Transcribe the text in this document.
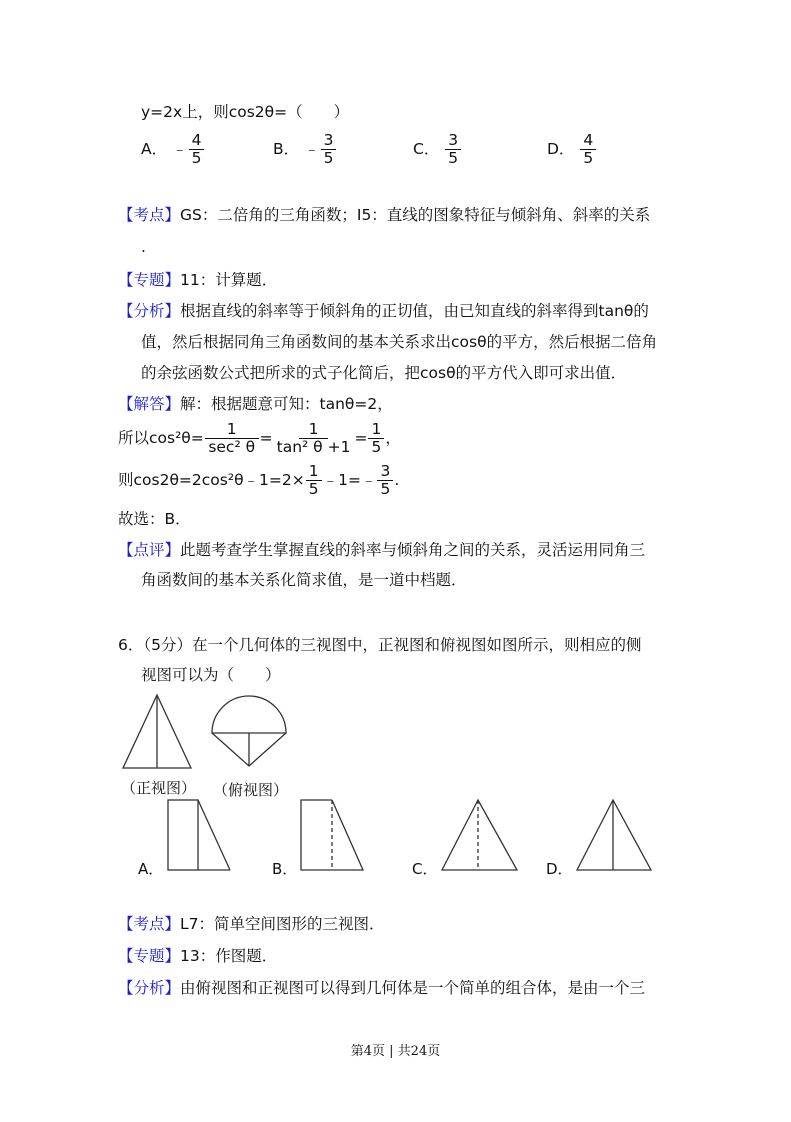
y=2x上，则cos2θ=（　　）
A． ﹣ $\frac{4}{5}$	B． ﹣ $\frac{3}{5}$	C． $\frac{3}{5}$	D． $\frac{4}{5}$
【考点】GS：二倍角的三角函数；I5：直线的图象特征与倾斜角、斜率的关系
.
【专题】11：计算题．
【分析】根据直线的斜率等于倾斜角的正切值，由已知直线的斜率得到tanθ的
值，然后根据同角三角函数间的基本关系求出cosθ的平方，然后根据二倍角
的余弦函数公式把所求的式子化简后，把cosθ的平方代入即可求出值．
【解答】解：根据题意可知：tanθ=2，
所以$\cos^2\theta= \frac{1}{\text{sec² θ}} = \frac{1}{\text{tan² θ +1}} = \frac{1}{5}$ ，
则cos2θ=2cos²θ﹣1=2× $\frac{1}{5}$ ﹣1=﹣ $\frac{3}{5}$ .
故选：B．
【点评】此题考查学生掌握直线的斜率与倾斜角之间的关系，灵活运用同角三
角函数间的基本关系化简求值，是一道中档题．
6．（5分）在一个几何体的三视图中，正视图和俯视图如图所示，则相应的侧
视图可以为（　　）
（正视图） （俯视图）
A．	B．	C．	D．
【考点】L7：简单空间图形的三视图．
【专题】13：作图题．
【分析】由俯视图和正视图可以得到几何体是一个简单的组合体，是由一个三
第4页 | 共24页
